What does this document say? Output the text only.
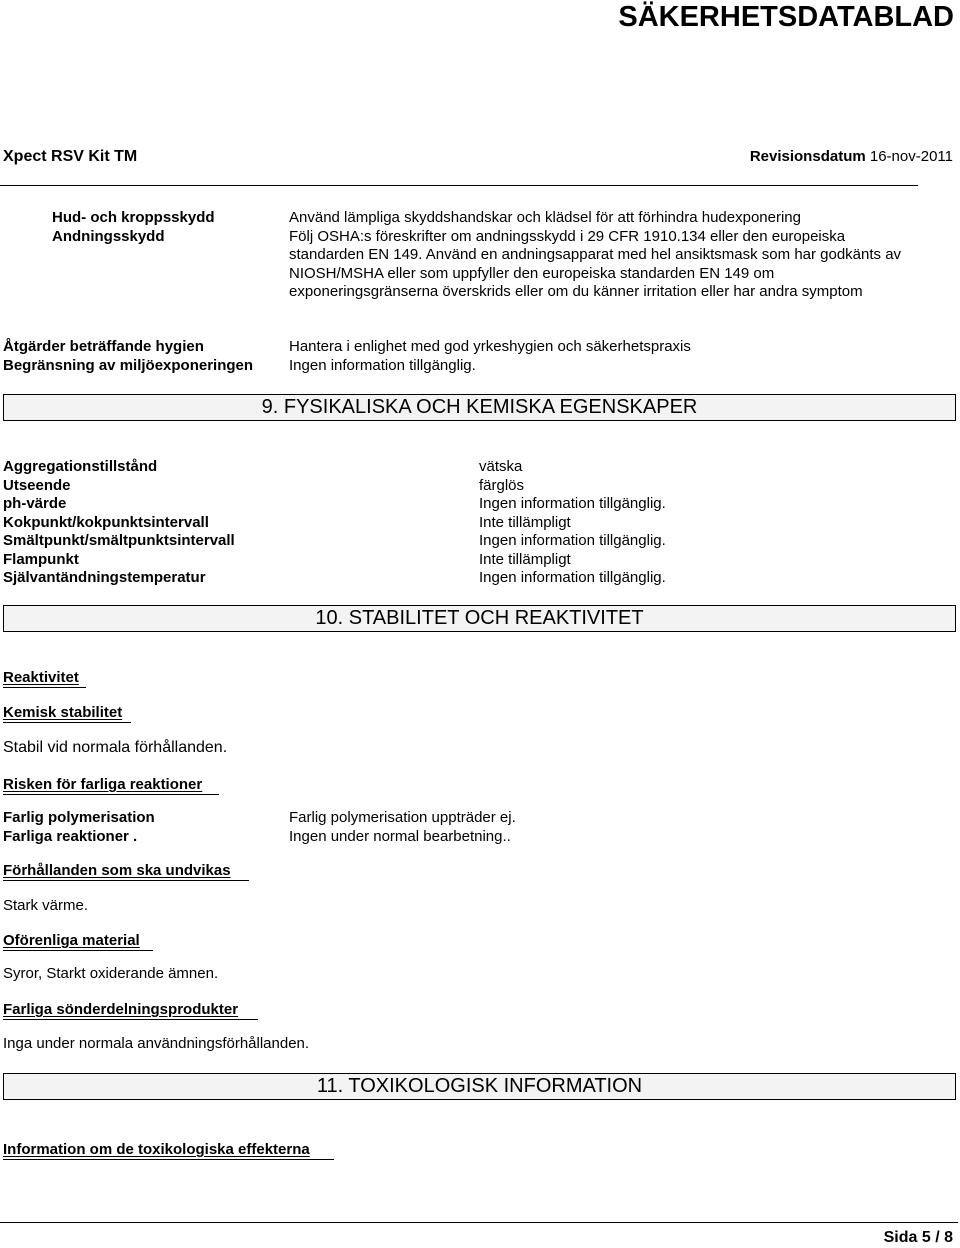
SÄKERHETSDATABLAD
Xpect RSV Kit TM	Revisionsdatum 16-nov-2011
Hud- och kroppsskydd
Andningsskydd
Använd lämpliga skyddshandskar och klädsel för att förhindra hudexponering
Följ OSHA:s föreskrifter om andningsskydd i 29 CFR 1910.134 eller den europeiska
standarden EN 149. Använd en andningsapparat med hel ansiktsmask som har godkänts av
NIOSH/MSHA eller som uppfyller den europeiska standarden EN 149 om
exponeringsgränserna överskrids eller om du känner irritation eller har andra symptom
Åtgärder beträffande hygien
Begränsning av miljöexponeringen
Hantera i enlighet med god yrkeshygien och säkerhetspraxis
Ingen information tillgänglig.
9. FYSIKALISKA OCH KEMISKA EGENSKAPER
Aggregationstillstånd
Utseende
ph-värde
Kokpunkt/kokpunktsintervall
Smältpunkt/smältpunktsintervall
Flampunkt
Självantändningstemperatur
vätska
färglös
Ingen information tillgänglig.
Inte tillämpligt
Ingen information tillgänglig.
Inte tillämpligt
Ingen information tillgänglig.
10. STABILITET OCH REAKTIVITET
Reaktivitet
Kemisk stabilitet
Stabil vid normala förhållanden.
Risken för farliga reaktioner
Farlig polymerisation
Farliga reaktioner .
Farlig polymerisation uppträder ej.
Ingen under normal bearbetning..
Förhållanden som ska undvikas
Stark värme.
Oförenliga material
Syror, Starkt oxiderande ämnen.
Farliga sönderdelningsprodukter
Inga under normala användningsförhållanden.
11. TOXIKOLOGISK INFORMATION
Information om de toxikologiska effekterna
Sida 5 / 8
